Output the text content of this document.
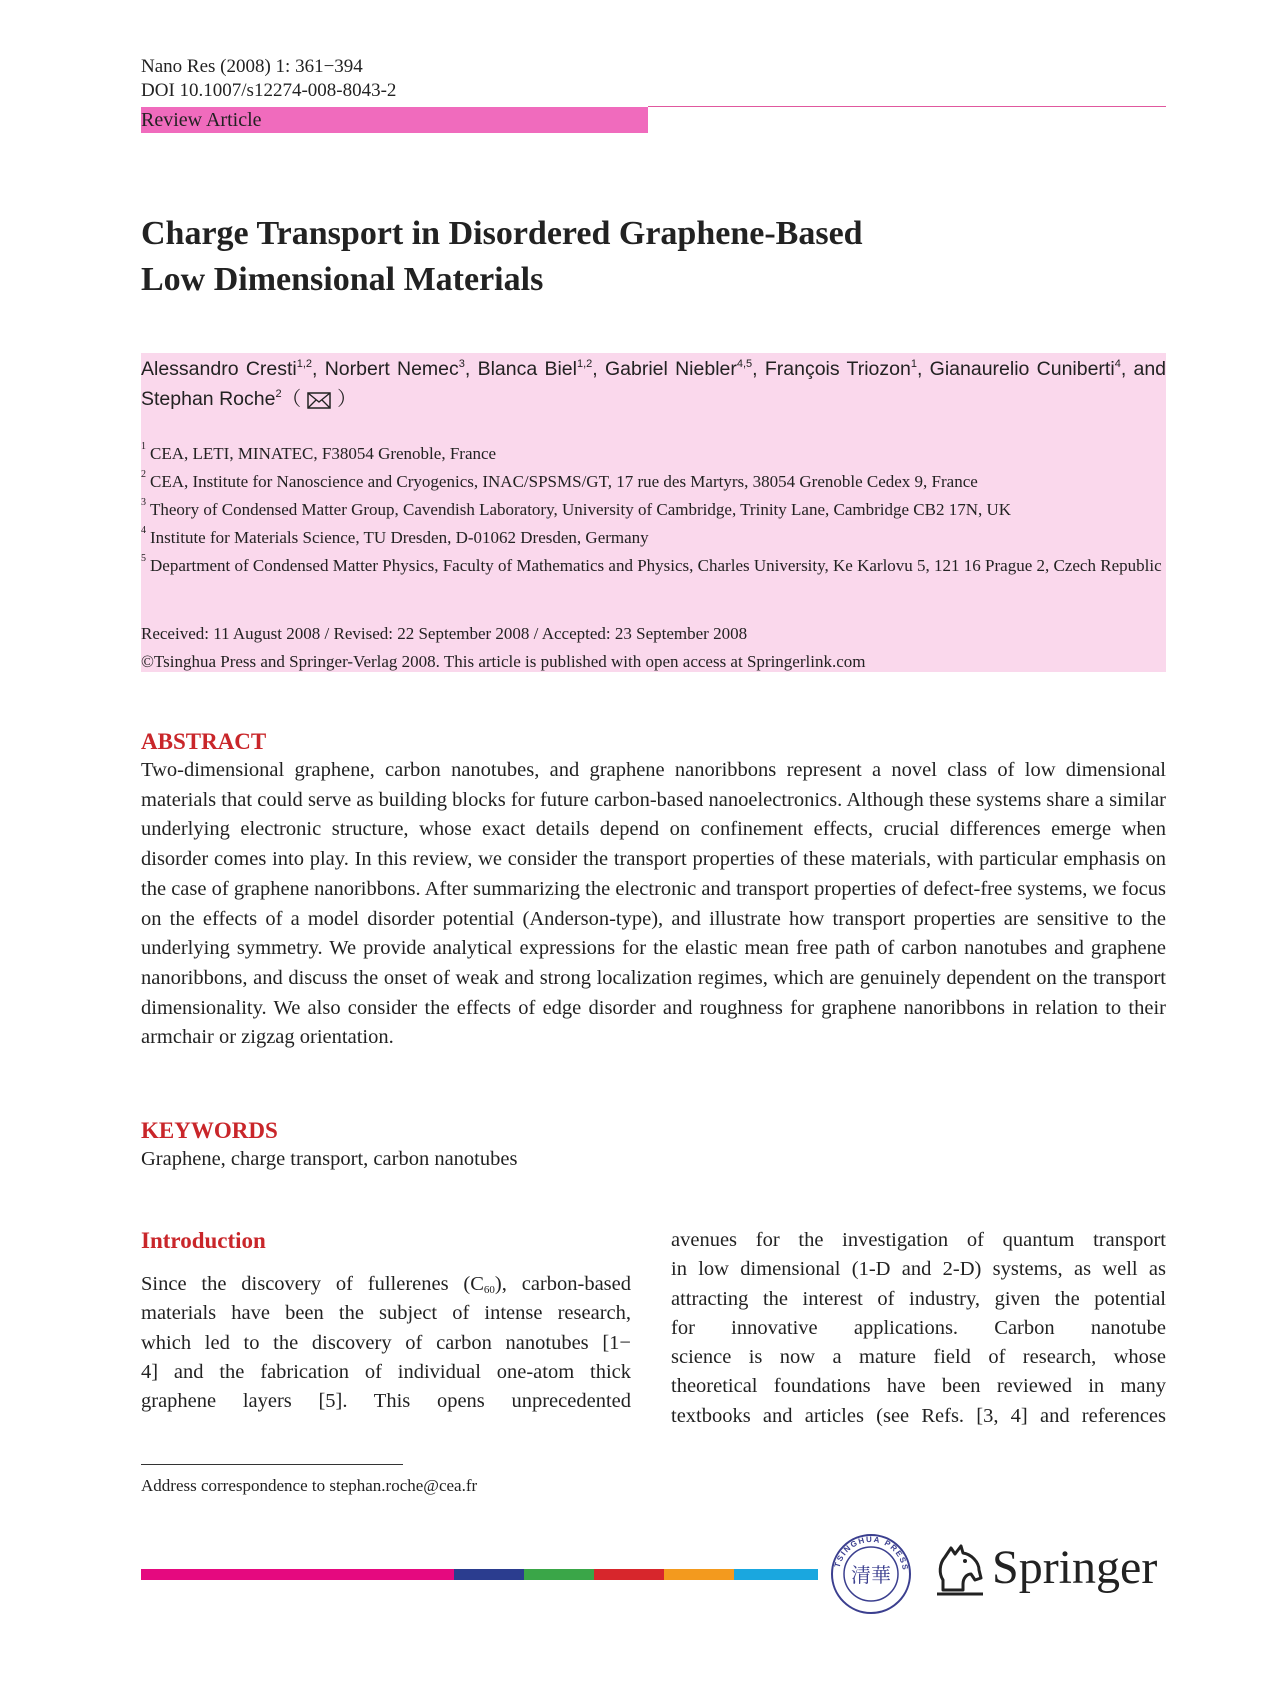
Nano Res (2008) 1: 361−394
DOI 10.1007/s12274-008-8043-2
Review Article
Charge Transport in Disordered Graphene-Based
Low Dimensional Materials
Alessandro Cresti$^{1,2}$, Norbert Nemec$^3$, Blanca Biel$^{1,2}$, Gabriel Niebler$^{4,5}$, François Triozon$^1$, Gianaurelio Cuniberti$^4$, and Stephan Roche$^2$（ ）
1 CEA, LETI, MINATEC, F38054 Grenoble, France
2 CEA, Institute for Nanoscience and Cryogenics, INAC/SPSMS/GT, 17 rue des Martyrs, 38054 Grenoble Cedex 9, France
3 Theory of Condensed Matter Group, Cavendish Laboratory, University of Cambridge, Trinity Lane, Cambridge CB2 17N, UK
4 Institute for Materials Science, TU Dresden, D-01062 Dresden, Germany
5 Department of Condensed Matter Physics, Faculty of Mathematics and Physics, Charles University, Ke Karlovu 5, 121 16 Prague 2, Czech Republic
Received: 11 August 2008 / Revised: 22 September 2008 / Accepted: 23 September 2008
©Tsinghua Press and Springer-Verlag 2008. This article is published with open access at Springerlink.com
ABSTRACT
Two-dimensional graphene, carbon nanotubes, and graphene nanoribbons represent a novel class of low dimensional materials that could serve as building blocks for future carbon-based nanoelectronics. Although these systems share a similar underlying electronic structure, whose exact details depend on confinement effects, crucial differences emerge when disorder comes into play. In this review, we consider the transport properties of these materials, with particular emphasis on the case of graphene nanoribbons. After summarizing the electronic and transport properties of defect-free systems, we focus on the effects of a model disorder potential (Anderson-type), and illustrate how transport properties are sensitive to the underlying symmetry. We provide analytical expressions for the elastic mean free path of carbon nanotubes and graphene nanoribbons, and discuss the onset of weak and strong localization regimes, which are genuinely dependent on the transport dimensionality. We also consider the effects of edge disorder and roughness for graphene nanoribbons in relation to their armchair or zigzag orientation.
KEYWORDS
Graphene, charge transport, carbon nanotubes
Introduction
Since the discovery of fullerenes $(C_{60})$, carbon-based
materials have been the subject of intense research,
which led to the discovery of carbon nanotubes [1−
4] and the fabrication of individual one-atom thick
graphene layers [5]. This opens unprecedented
avenues for the investigation of quantum transport
in low dimensional (1-D and 2-D) systems, as well as
attracting the interest of industry, given the potential
for innovative applications. Carbon nanotube
science is now a mature field of research, whose
theoretical foundations have been reviewed in many
textbooks and articles (see Refs. [3, 4] and references
Address correspondence to stephan.roche@cea.fr
TSINGHUA PRESS
清華 Springer
